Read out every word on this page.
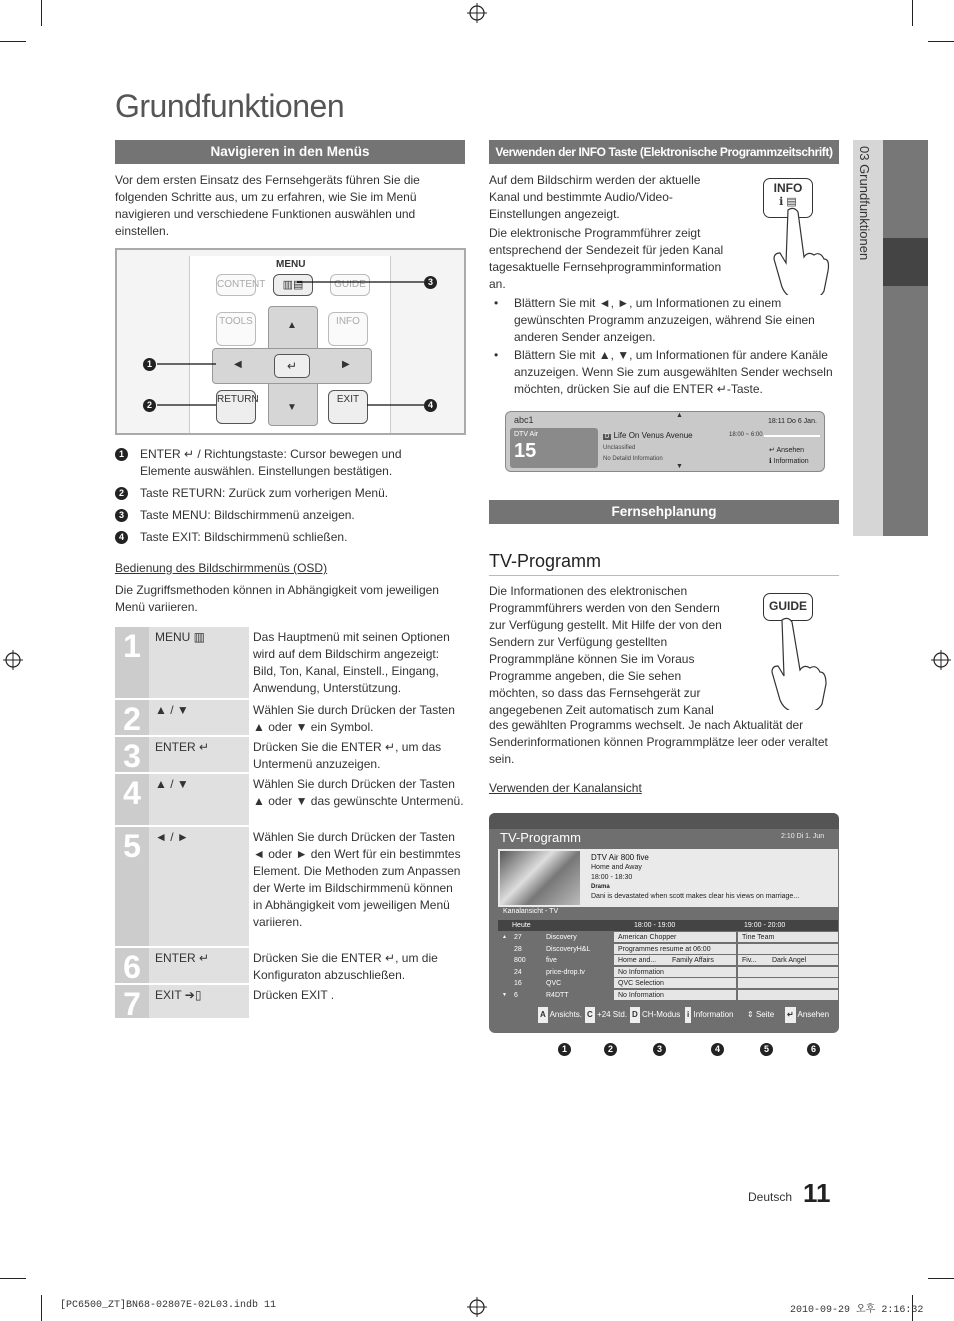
Grundfunktionen
03 Grundfunktionen
Navigieren in den Menüs
Vor dem ersten Einsatz des Fernsehgeräts führen Sie die folgenden Schritte aus, um zu erfahren, wie Sie im Menü navigieren und verschiedene Funktionen auswählen und einstellen.
MENU
CONTENT	▥▤	GUIDE
TOOLS	INFO
▲
▼
◀	▶
↵
RETURN	EXIT
1
2
3
4
1	ENTER ↵ / Richtungstaste: Cursor bewegen und Elemente auswählen. Einstellungen bestätigen.
2	Taste RETURN: Zurück zum vorherigen Menü.
3	Taste MENU: Bildschirmmenü anzeigen.
4	Taste EXIT: Bildschirmmenü schließen.
Bedienung des Bildschirmmenüs (OSD)
Die Zugriffsmethoden können in Abhängigkeit vom jeweiligen Menü variieren.
1	MENU ▥	Das Hauptmenü mit seinen Optionen wird auf dem Bildschirm angezeigt: Bild, Ton, Kanal, Einstell., Eingang, Anwendung, Unterstützung.
2	▲ / ▼	Wählen Sie durch Drücken der Tasten ▲ oder ▼ ein Symbol.
3	ENTER ↵	Drücken Sie die ENTER ↵, um das Untermenü anzuzeigen.
4	▲ / ▼	Wählen Sie durch Drücken der Tasten ▲ oder ▼ das gewünschte Untermenü.
5	◄ / ►	Wählen Sie durch Drücken der Tasten ◄ oder ► den Wert für ein bestimmtes Element. Die Methoden zum Anpassen der Werte im Bildschirmmenü können in Abhängigkeit vom jeweiligen Menü variieren.
6	ENTER ↵	Drücken Sie die ENTER ↵, um die Konfiguraton abzuschließen.
7	EXIT ➔▯	Drücken EXIT .
Verwenden der INFO Taste (Elektronische Programmzeitschrift)
Auf dem Bildschirm werden der aktuelle Kanal und bestimmte Audio/Video-Einstellungen angezeigt.
Die elektronische Programmführer zeigt entsprechend der Sendezeit für jeden Kanal tagesaktuelle Fernsehprogramminformation an.
INFO
ℹ ▤
• Blättern Sie mit ◄, ►, um Informationen zu einem gewünschten Programm anzuzeigen, während Sie einen anderen Sender anzeigen.
• Blättern Sie mit ▲, ▼, um Informationen für andere Kanäle anzuzeigen. Wenn Sie zum ausgewählten Sender wechseln möchten, drücken Sie auf die ENTER ↵-Taste.
abc1	18:11 Do 6 Jan.
▲
▼
DTV Air
15
D Life On Venus Avenue
Unclassified
No Detaild Information
18:00 ~ 6:00
↵ Ansehen
ℹ Information
Fernsehplanung
TV-Programm
Die Informationen des elektronischen Programmführers werden von den Sendern zur Verfügung gestellt. Mit Hilfe der von den Sendern zur Verfügung gestellten Programmpläne können Sie im Voraus Programme angeben, die Sie sehen möchten, so dass das Fernsehgerät zur angegebenen Zeit automatisch zum Kanal
des gewählten Programms wechselt. Je nach Aktualität der Senderinformationen können Programmplätze leer oder veraltet sein.
GUIDE
Verwenden der Kanalansicht
TV-Programm	2:10 Di 1. Jun
DTV Air 800 five
Home and Away
18:00 - 18:30
Drama
Dani is devastated when scott makes clear his views on marriage...
Kanalansicht - TV
Heute	18:00 - 19:00	19:00 - 20:00
▲ 27	Discovery	American Chopper	Tine Team
28	DiscoveryH&L	Programmes resume at 06:00
800	five	Home and... Family Affairs	Fiv... Dark Angel
24	price-drop.tv	No Information
16	QVC	QVC Selection
▼ 6	R4DTT	No Information
A Ansichts. C +24 Std. D CH-Modus i Information ⇕ Seite ↵ Ansehen
1	2	3	4	5	6
Deutsch 11
[PC6500_ZT]BN68-02807E-02L03.indb 11	2010-09-29 오후 2:16:32
